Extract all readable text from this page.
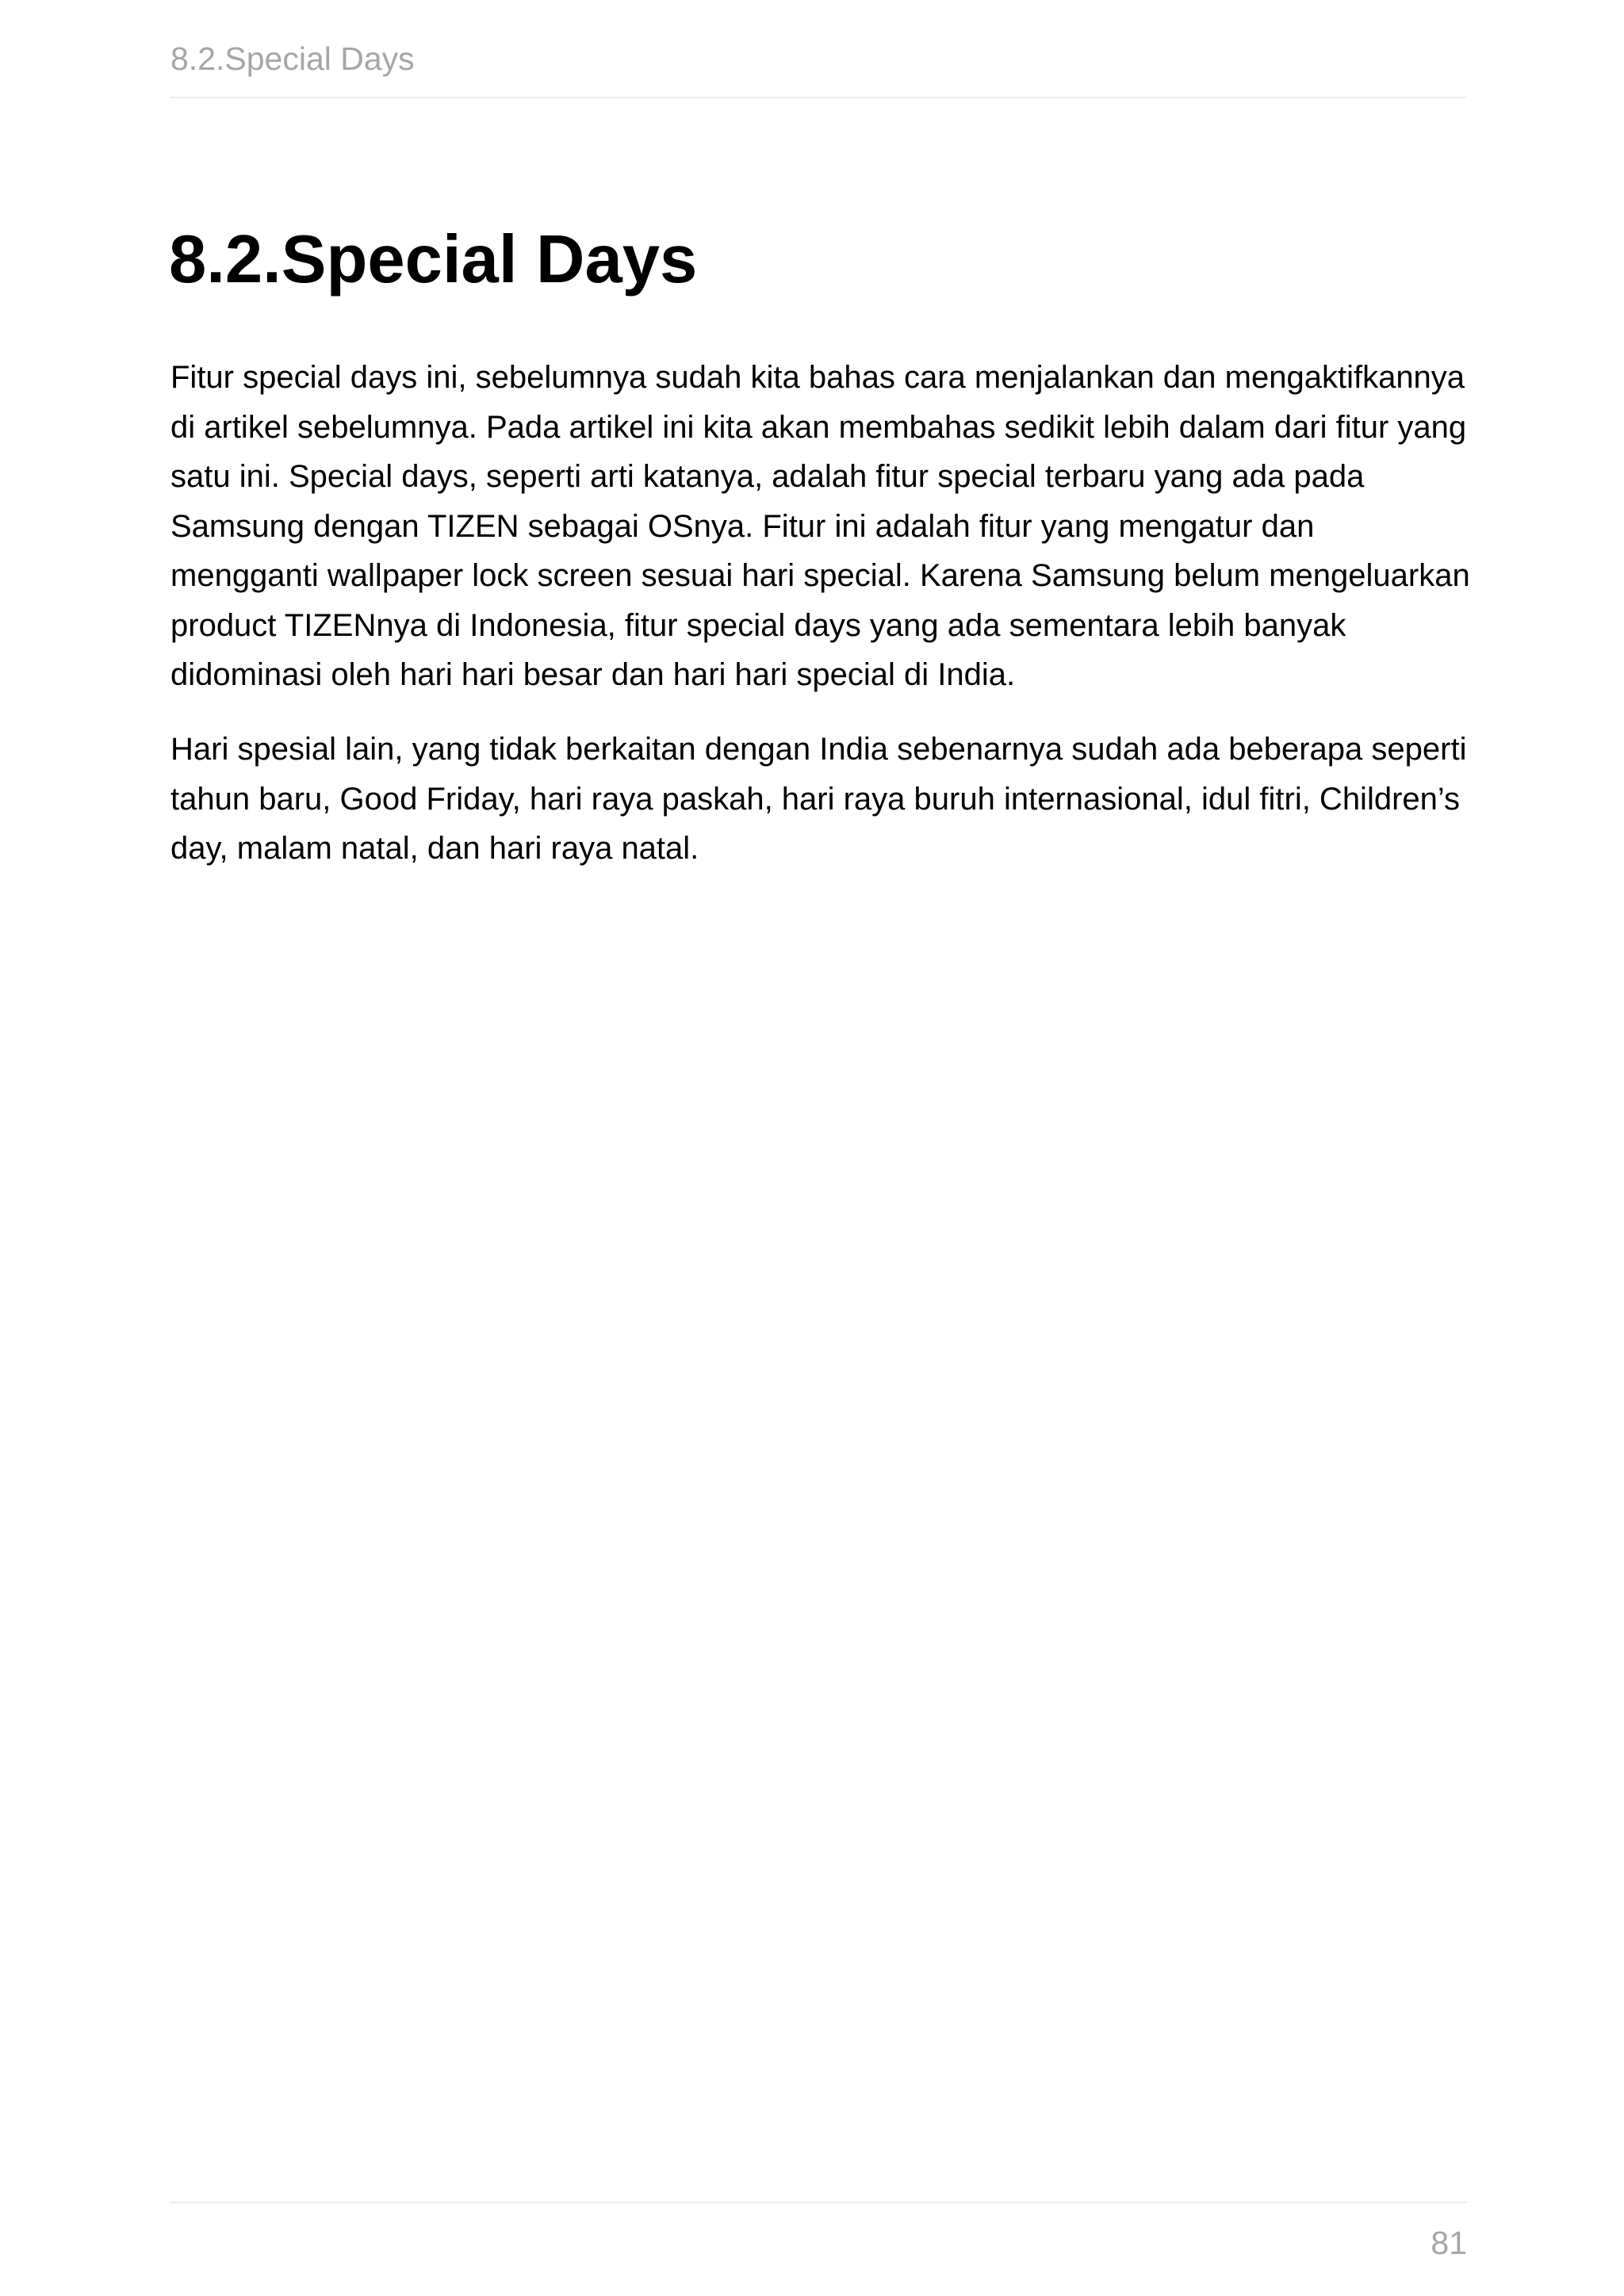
8.2.Special Days
8.2.Special Days

Fitur special days ini, sebelumnya sudah kita bahas cara menjalankan dan mengaktifkannya
di artikel sebelumnya. Pada artikel ini kita akan membahas sedikit lebih dalam dari fitur yang
satu ini. Special days, seperti arti katanya, adalah fitur special terbaru yang ada pada
Samsung dengan TIZEN sebagai OSnya. Fitur ini adalah fitur yang mengatur dan
mengganti wallpaper lock screen sesuai hari special. Karena Samsung belum mengeluarkan
product TIZENnya di Indonesia, fitur special days yang ada sementara lebih banyak
didominasi oleh hari hari besar dan hari hari special di India.

Hari spesial lain, yang tidak berkaitan dengan India sebenarnya sudah ada beberapa seperti
tahun baru, Good Friday, hari raya paskah, hari raya buruh internasional, idul fitri, Children’s
day, malam natal, dan hari raya natal.

81
